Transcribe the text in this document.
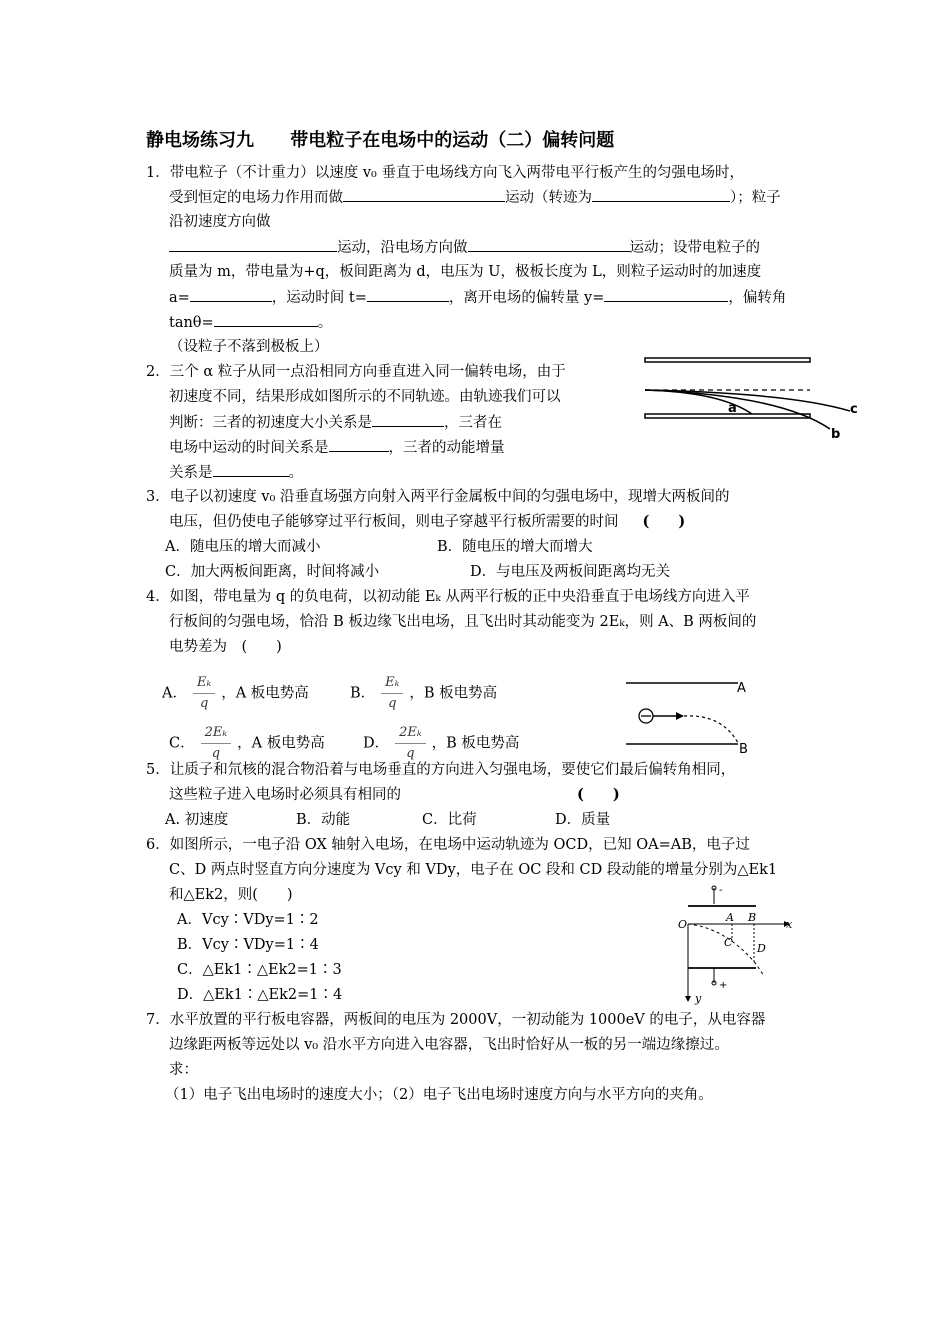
静电场练习九 带电粒子在电场中的运动（二）偏转问题
1．带电粒子（不计重力）以速度 v₀ 垂直于电场线方向飞入两带电平行板产生的匀强电场时，
受到恒定的电场力作用而做	运动（转迹为	）；粒子
沿初速度方向做
运动，沿电场方向做	运动；设带电粒子的
质量为 m，带电量为+q，板间距离为 d，电压为 U，极板长度为 L，则粒子运动时的加速度
a=	，运动时间 t=	，离开电场的偏转量 y=	，偏转角
tanθ=	。
（设粒子不落到极板上）
2．三个 α 粒子从同一点沿相同方向垂直进入同一偏转电场，由于
初速度不同，结果形成如图所示的不同轨迹。由轨迹我们可以
判断：三者的初速度大小关系是	，三者在
电场中运动的时间关系是	，三者的动能增量
关系是	。
a
b
c
3．电子以初速度 v₀ 沿垂直场强方向射入两平行金属板中间的匀强电场中，现增大两板间的
电压，但仍使电子能够穿过平行板间，则电子穿越平行板所需要的时间 (　　)
A．随电压的增大而减小	B．随电压的增大而增大
C．加大两板间距离，时间将减小	D．与电压及两板间距离均无关
4．如图，带电量为 q 的负电荷，以初动能 Eₖ 从两平行板的正中央沿垂直于电场线方向进入平
行板间的匀强电场，恰沿 B 板边缘飞出电场，且飞出时其动能变为 2Eₖ，则 A、B 两板间的
电势差为　(　　)
A． $\frac{\text{Eₖ}}{q}$ ，A 板电势高	B． $\frac{\text{Eₖ}}{q}$ ，B 板电势高
C． $\frac{\text{2Eₖ}}{q}$ ，A 板电势高	D． $\frac{\text{2Eₖ}}{q}$ ，B 板电势高
A
B
5．让质子和氘核的混合物沿着与电场垂直的方向进入匀强电场，要使它们最后偏转角相同，
这些粒子进入电场时必须具有相同的	(　　)
A. 初速度	B．动能	C．比荷	D．质量
6．如图所示，一电子沿 OX 轴射入电场，在电场中运动轨迹为 OCD，已知 OA=AB，电子过
C、D 两点时竖直方向分速度为 Vcy 和 VDy，电子在 OC 段和 CD 段动能的增量分别为△Ek1
和△Ek2，则(　　)
A．Vcy∶VDy=1∶2
B．Vcy∶VDy=1∶4
C．△Ek1∶△Ek2=1∶3
D．△Ek1∶△Ek2=1∶4
-
+
O
A B
C D
x
y
7．水平放置的平行板电容器，两板间的电压为 2000V，一初动能为 1000eV 的电子，从电容器
边缘距两板等远处以 v₀ 沿水平方向进入电容器，飞出时恰好从一板的另一端边缘擦过。
求：
（1）电子飞出电场时的速度大小；（2）电子飞出电场时速度方向与水平方向的夹角。
